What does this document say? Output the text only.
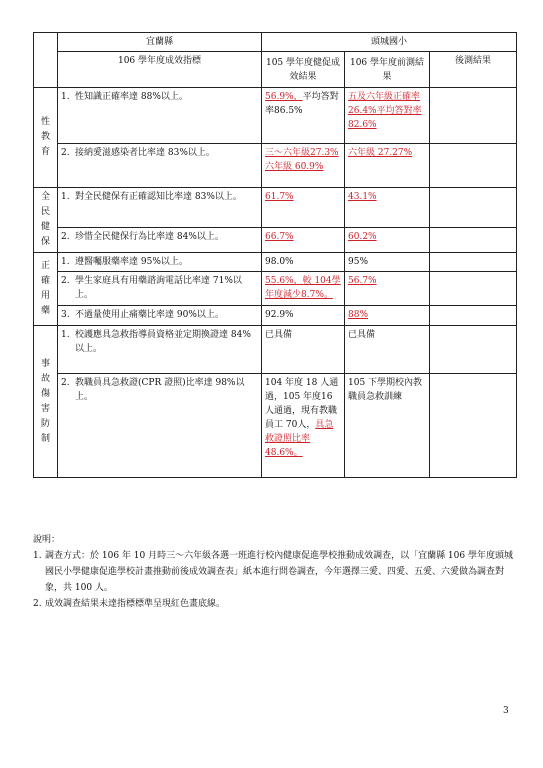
	宜蘭縣	頭城國小		
	106 學年度成效指標	105 學年度健促成效結果	106 學年度前測結果	後測結果
性教育	1. 性知識正確率達 88%以上。	56.9%，平均答對率86.5%	五及六年級正確率 26.4%平均答對率82.6%	

	2. 接納愛滋感染者比率達 83%以上。	三～六年級27.3%六年級 60.9%	六年級 27.27%	
全民健保	1. 對全民健保有正確認知比率達 83%以上。	61.7%	43.1%	

	2. 珍惜全民健保行為比率達 84%以上。	66.7%	60.2%	
正確用藥	1. 遵醫囑服藥率達 95%以上。	98.0%	95%	

	2. 學生家庭具有用藥諮詢電話比率達 71%以上。	55.6%，較 104學年度減少8.7%。	56.7%	

	3. 不過量使用止痛藥比率達 90%以上。	92.9%	88%	
事故傷害防制	1. 校護應具急救指導員資格並定期換證達 84%以上。	已具備	已具備	

	2. 教職員具急救證(CPR 證照)比率達 98%以上。	104 年度 18 人通過，105 年度16 人通過，現有教職員工 70人，具急救證照比率 48.6%。	105 下學期校內教職員急救訓練	

說明：

1. 調查方式：於 106 年 10 月時三～六年級各選一班進行校內健康促進學校推動成效調查，以「宜蘭縣 106 學年度頭城國民小學健康促進學校計畫推動前後成效調查表」紙本進行問卷調查，今年選擇三愛、四愛、五愛、六愛做為調查對象，共 100 人。
2. 成效調查結果未達指標標準呈現紅色畫底線。
3
